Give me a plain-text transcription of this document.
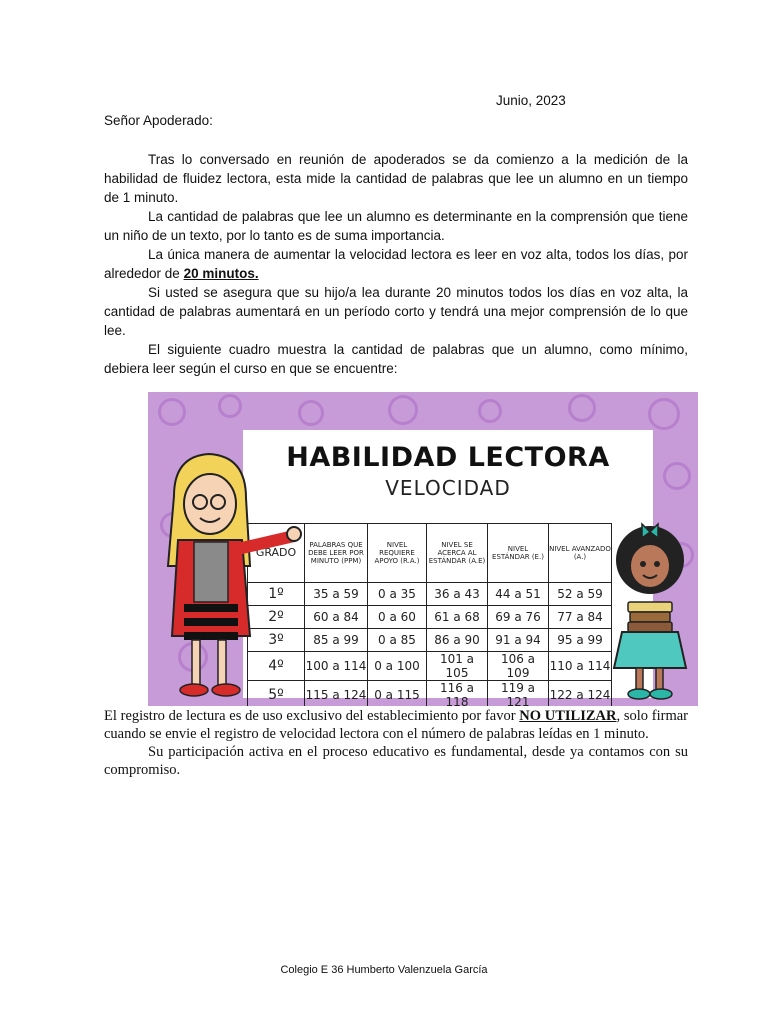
Junio, 2023
Señor Apoderado:

Tras lo conversado en reunión de apoderados se da comienzo a la medición de la habilidad de fluidez lectora, esta mide la cantidad de palabras que lee un alumno en un tiempo de 1 minuto.

La cantidad de palabras que lee un alumno es determinante en la comprensión que tiene un niño de un texto, por lo tanto es de suma importancia.

La única manera de aumentar la velocidad lectora es leer en voz alta, todos los días, por alrededor de 20 minutos.

Si usted se asegura que su hijo/a lea durante 20 minutos todos los días en voz alta, la cantidad de palabras aumentará en un período corto y tendrá una mejor comprensión de lo que lee.

El siguiente cuadro muestra la cantidad de palabras que un alumno, como mínimo, debiera leer según el curso en que se encuentre:

HABILIDAD LECTORA
VELOCIDAD
GRADO	PALABRAS QUE DEBE LEER POR MINUTO (PPM)	NIVEL REQUIERE APOYO (R.A.)	NIVEL SE ACERCA AL ESTÁNDAR (A.E)	NIVEL ESTÁNDAR (E.)	NIVEL AVANZADO (A.)
1º	35 a 59	0 a 35	36 a 43	44 a 51	52 a 59
2º	60 a 84	0 a 60	61 a 68	69 a 76	77 a 84
3º	85 a 99	0 a 85	86 a 90	91 a 94	95 a 99
4º	100 a 114	0 a 100	101 a 105	106 a 109	110 a 114
5º	115 a 124	0 a 115	116 a 118	119 a 121	122 a 124

El registro de lectura es de uso exclusivo del establecimiento por favor NO UTILIZAR, solo firmar cuando se envie el registro de velocidad lectora con el número de palabras leídas en 1 minuto.

Su participación activa en el proceso educativo es fundamental, desde ya contamos con su compromiso.

Colegio E 36 Humberto Valenzuela García
